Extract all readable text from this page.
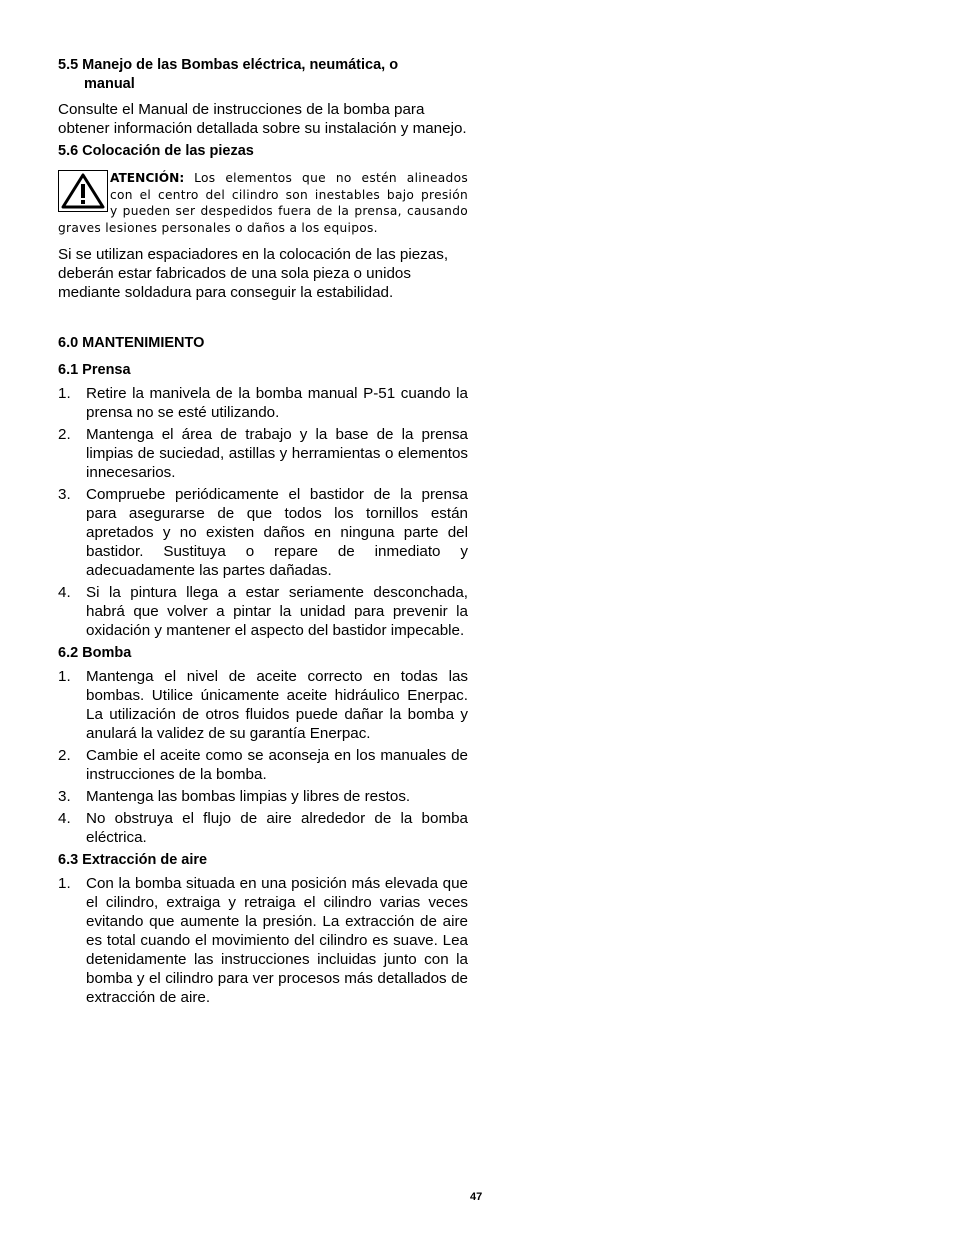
5.5 Manejo de las Bombas eléctrica, neumática, o
manual

Consulte el Manual de instrucciones de la bomba para obtener información detallada sobre su instalación y manejo.

5.6 Colocación de las piezas
ATENCIÓN: Los elementos que no estén alineados
con el centro del cilindro son inestables bajo presión
y pueden ser despedidos fuera de la prensa, causando
graves lesiones personales o daños a los equipos.

Si se utilizan espaciadores en la colocación de las piezas, deberán estar fabricados de una sola pieza o unidos mediante soldadura para conseguir la estabilidad.

6.0 MANTENIMIENTO
6.1 Prensa
1. Retire la manivela de la bomba manual P-51 cuando la prensa no se esté utilizando.
2. Mantenga el área de trabajo y la base de la prensa limpias de suciedad, astillas y herramientas o elementos innecesarios.
3. Compruebe periódicamente el bastidor de la prensa para asegurarse de que todos los tornillos están apretados y no existen daños en ninguna parte del bastidor. Sustituya o repare de inmediato y adecuadamente las partes dañadas.
4. Si la pintura llega a estar seriamente desconchada, habrá que volver a pintar la unidad para prevenir la oxidación y mantener el aspecto del bastidor impecable.
6.2 Bomba
1. Mantenga el nivel de aceite correcto en todas las bombas. Utilice únicamente aceite hidráulico Enerpac. La utilización de otros fluidos puede dañar la bomba y anulará la validez de su garantía Enerpac.
2. Cambie el aceite como se aconseja en los manuales de instrucciones de la bomba.
3. Mantenga las bombas limpias y libres de restos.
4. No obstruya el flujo de aire alrededor de la bomba eléctrica.
6.3 Extracción de aire
1. Con la bomba situada en una posición más elevada que el cilindro, extraiga y retraiga el cilindro varias veces evitando que aumente la presión. La extracción de aire es total cuando el movimiento del cilindro es suave. Lea detenidamente las instrucciones incluidas junto con la bomba y el cilindro para ver procesos más detallados de extracción de aire.
47
